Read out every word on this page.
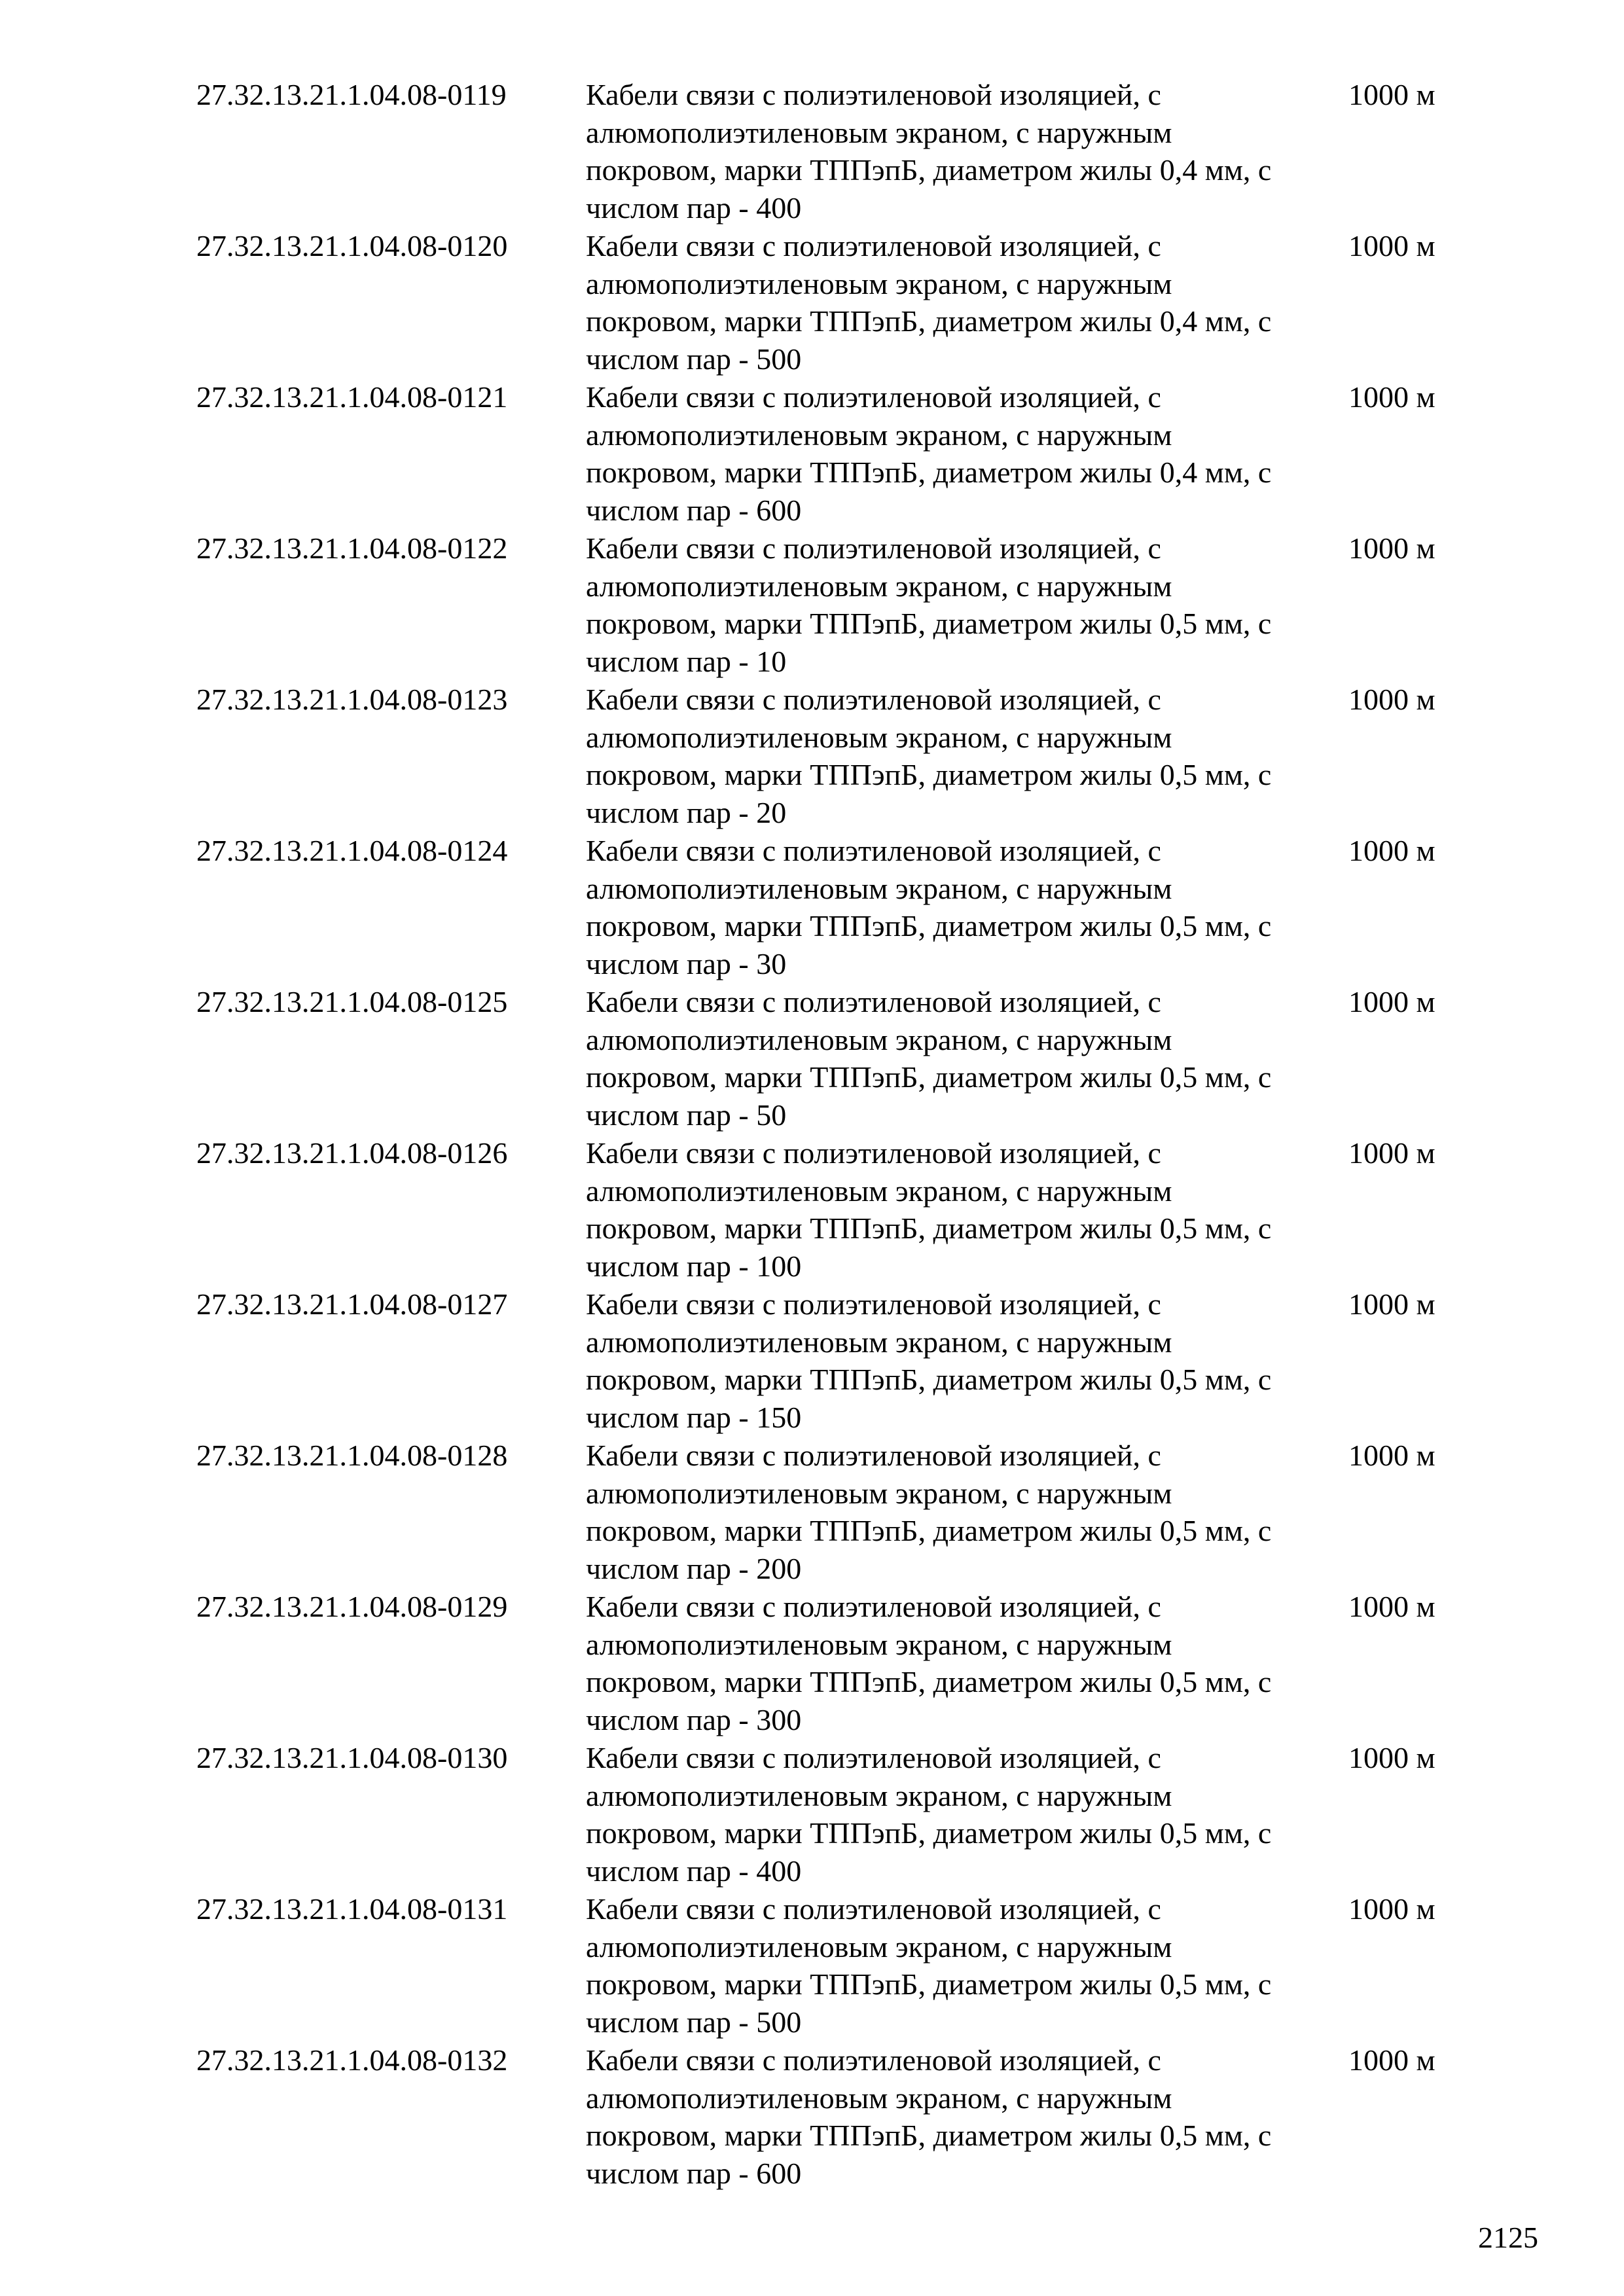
27.32.13.21.1.04.08-0119	Кабели связи с полиэтиленовой изоляцией, с
алюмополиэтиленовым экраном, с наружным
покровом, марки ТППэпБ, диаметром жилы 0,4 мм, с
числом пар - 400
1000 м
27.32.13.21.1.04.08-0120	Кабели связи с полиэтиленовой изоляцией, с
алюмополиэтиленовым экраном, с наружным
покровом, марки ТППэпБ, диаметром жилы 0,4 мм, с
числом пар - 500
1000 м
27.32.13.21.1.04.08-0121	Кабели связи с полиэтиленовой изоляцией, с
алюмополиэтиленовым экраном, с наружным
покровом, марки ТППэпБ, диаметром жилы 0,4 мм, с
числом пар - 600
1000 м
27.32.13.21.1.04.08-0122	Кабели связи с полиэтиленовой изоляцией, с
алюмополиэтиленовым экраном, с наружным
покровом, марки ТППэпБ, диаметром жилы 0,5 мм, с
числом пар - 10
1000 м
27.32.13.21.1.04.08-0123	Кабели связи с полиэтиленовой изоляцией, с
алюмополиэтиленовым экраном, с наружным
покровом, марки ТППэпБ, диаметром жилы 0,5 мм, с
числом пар - 20
1000 м
27.32.13.21.1.04.08-0124	Кабели связи с полиэтиленовой изоляцией, с
алюмополиэтиленовым экраном, с наружным
покровом, марки ТППэпБ, диаметром жилы 0,5 мм, с
числом пар - 30
1000 м
27.32.13.21.1.04.08-0125	Кабели связи с полиэтиленовой изоляцией, с
алюмополиэтиленовым экраном, с наружным
покровом, марки ТППэпБ, диаметром жилы 0,5 мм, с
числом пар - 50
1000 м
27.32.13.21.1.04.08-0126	Кабели связи с полиэтиленовой изоляцией, с
алюмополиэтиленовым экраном, с наружным
покровом, марки ТППэпБ, диаметром жилы 0,5 мм, с
числом пар - 100
1000 м
27.32.13.21.1.04.08-0127	Кабели связи с полиэтиленовой изоляцией, с
алюмополиэтиленовым экраном, с наружным
покровом, марки ТППэпБ, диаметром жилы 0,5 мм, с
числом пар - 150
1000 м
27.32.13.21.1.04.08-0128	Кабели связи с полиэтиленовой изоляцией, с
алюмополиэтиленовым экраном, с наружным
покровом, марки ТППэпБ, диаметром жилы 0,5 мм, с
числом пар - 200
1000 м
27.32.13.21.1.04.08-0129	Кабели связи с полиэтиленовой изоляцией, с
алюмополиэтиленовым экраном, с наружным
покровом, марки ТППэпБ, диаметром жилы 0,5 мм, с
числом пар - 300
1000 м
27.32.13.21.1.04.08-0130	Кабели связи с полиэтиленовой изоляцией, с
алюмополиэтиленовым экраном, с наружным
покровом, марки ТППэпБ, диаметром жилы 0,5 мм, с
числом пар - 400
1000 м
27.32.13.21.1.04.08-0131	Кабели связи с полиэтиленовой изоляцией, с
алюмополиэтиленовым экраном, с наружным
покровом, марки ТППэпБ, диаметром жилы 0,5 мм, с
числом пар - 500
1000 м
27.32.13.21.1.04.08-0132	Кабели связи с полиэтиленовой изоляцией, с
алюмополиэтиленовым экраном, с наружным
покровом, марки ТППэпБ, диаметром жилы 0,5 мм, с
числом пар - 600
1000 м
2125
